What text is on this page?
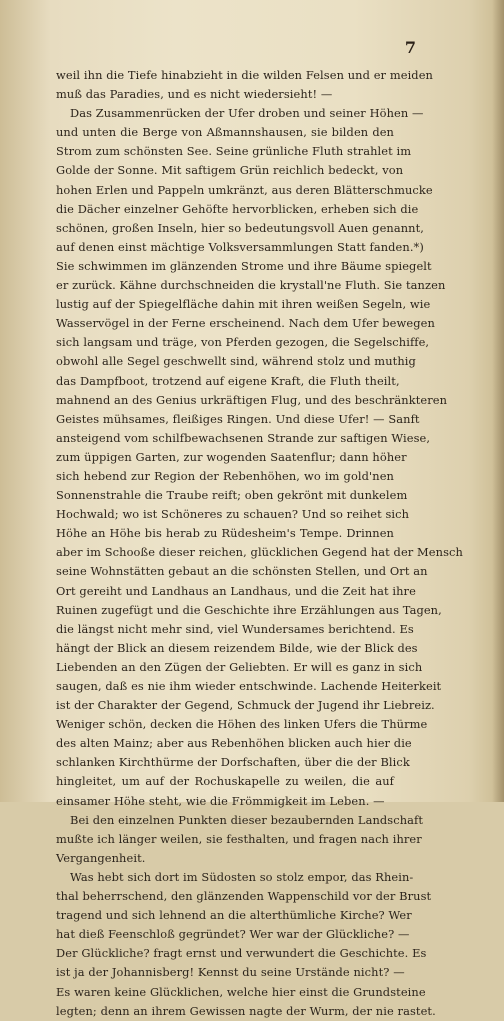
7
weil ihn die Tiefe hinabzieht in die wilden Felsen und er meiden
muß das Paradies, und es nicht wiedersieht! —
Das Zusammenrücken der Ufer droben und seiner Höhen —
und unten die Berge von Aßmannshausen, sie bilden den
Strom zum schönsten See. Seine grünliche Fluth strahlet im
Golde der Sonne. Mit saftigem Grün reichlich bedeckt, von
hohen Erlen und Pappeln umkränzt, aus deren Blätterschmucke
die Dächer einzelner Gehöfte hervorblicken, erheben sich die
schönen, großen Inseln, hier so bedeutungsvoll Auen genannt,
auf denen einst mächtige Volksversammlungen Statt fanden.*)
Sie schwimmen im glänzenden Strome und ihre Bäume spiegelt
er zurück. Kähne durchschneiden die krystall'ne Fluth. Sie tanzen
lustig auf der Spiegelfläche dahin mit ihren weißen Segeln, wie
Wasservögel in der Ferne erscheinend. Nach dem Ufer bewegen
sich langsam und träge, von Pferden gezogen, die Segelschiffe,
obwohl alle Segel geschwellt sind, während stolz und muthig
das Dampfboot, trotzend auf eigene Kraft, die Fluth theilt,
mahnend an des Genius urkräftigen Flug, und des beschränkteren
Geistes mühsames, fleißiges Ringen. Und diese Ufer! — Sanft
ansteigend vom schilfbewachsenen Strande zur saftigen Wiese,
zum üppigen Garten, zur wogenden Saatenflur; dann höher
sich hebend zur Region der Rebenhöhen, wo im gold'nen
Sonnenstrahle die Traube reift; oben gekrönt mit dunkelem
Hochwald; wo ist Schöneres zu schauen? Und so reihet sich
Höhe an Höhe bis herab zu Rüdesheim's Tempe. Drinnen
aber im Schooße dieser reichen, glücklichen Gegend hat der Mensch
seine Wohnstätten gebaut an die schönsten Stellen, und Ort an
Ort gereiht und Landhaus an Landhaus, und die Zeit hat ihre
Ruinen zugefügt und die Geschichte ihre Erzählungen aus Tagen,
die längst nicht mehr sind, viel Wundersames berichtend. Es
hängt der Blick an diesem reizendem Bilde, wie der Blick des
Liebenden an den Zügen der Geliebten. Er will es ganz in sich
saugen, daß es nie ihm wieder entschwinde. Lachende Heiterkeit
ist der Charakter der Gegend, Schmuck der Jugend ihr Liebreiz.
Weniger schön, decken die Höhen des linken Ufers die Thürme
des alten Mainz; aber aus Rebenhöhen blicken auch hier die
schlanken Kirchthürme der Dorfschaften, über die der Blick
hingleitet, um auf der Rochuskapelle zu weilen, die auf
einsamer Höhe steht, wie die Frömmigkeit im Leben. —
Bei den einzelnen Punkten dieser bezaubernden Landschaft
mußte ich länger weilen, sie festhalten, und fragen nach ihrer
Vergangenheit.
Was hebt sich dort im Südosten so stolz empor, das Rhein-
thal beherrschend, den glänzenden Wappenschild vor der Brust
tragend und sich lehnend an die alterthümliche Kirche? Wer
hat dieß Feenschloß gegründet? Wer war der Glückliche? —
Der Glückliche? fragt ernst und verwundert die Geschichte. Es
ist ja der Johannisberg! Kennst du seine Urstände nicht? —
Es waren keine Glücklichen, welche hier einst die Grundsteine
legten; denn an ihrem Gewissen nagte der Wurm, der nie rastet.
